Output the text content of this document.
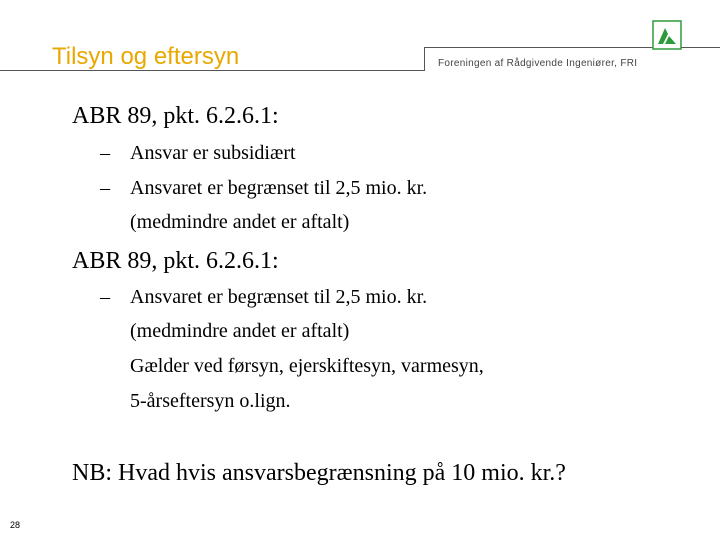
Tilsyn og eftersyn	Foreningen af Rådgivende Ingeniører, FRI
ABR 89, pkt. 6.2.6.1:
– Ansvar er subsidiært
– Ansvaret er begrænset til 2,5 mio. kr.
(medmindre andet er aftalt)
ABR 89, pkt. 6.2.6.1:
– Ansvaret er begrænset til 2,5 mio. kr.
(medmindre andet er aftalt)
Gælder ved førsyn, ejerskiftesyn, varmesyn,
5-årseftersyn o.lign.
NB: Hvad hvis ansvarsbegrænsning på 10 mio. kr.?
28
